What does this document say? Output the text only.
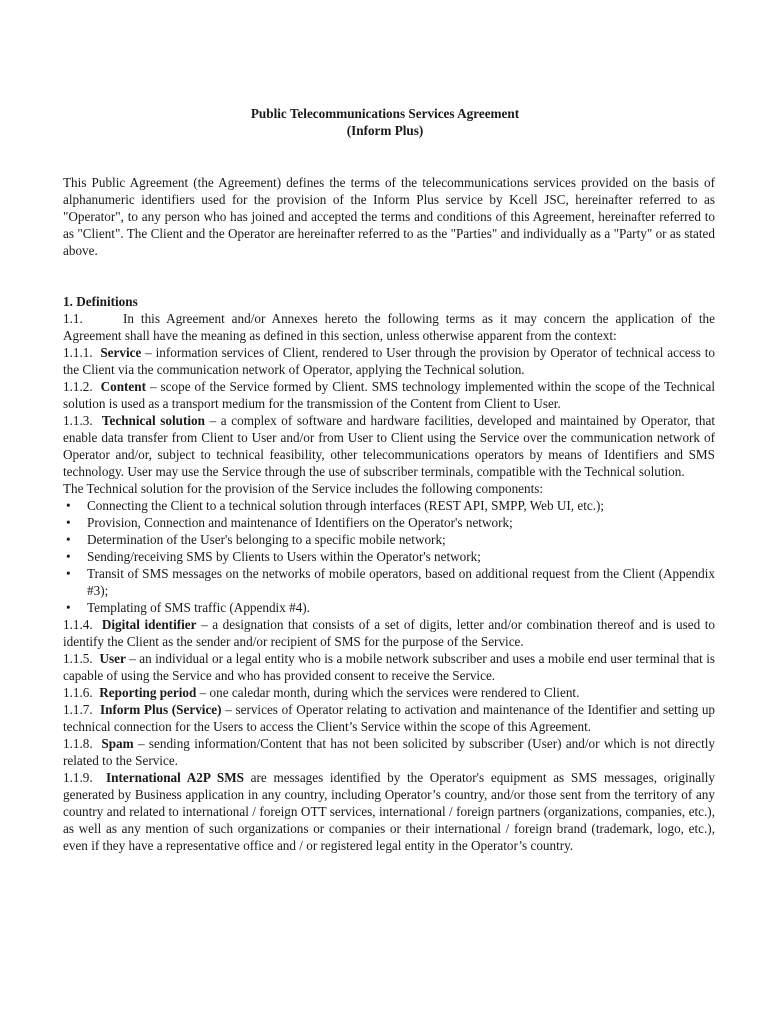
Public Telecommunications Services Agreement
(Inform Plus)

This Public Agreement (the Agreement) defines the terms of the telecommunications services provided on the basis of alphanumeric identifiers used for the provision of the Inform Plus service by Kcell JSC, hereinafter referred to as "Operator", to any person who has joined and accepted the terms and conditions of this Agreement, hereinafter referred to as "Client". The Client and the Operator are hereinafter referred to as the "Parties" and individually as a "Party" or as stated above.

1. Definitions

1.1.	In this Agreement and/or Annexes hereto the following terms as it may concern the application of the Agreement shall have the meaning as defined in this section, unless otherwise apparent from the context:

1.1.1. Service – information services of Client, rendered to User through the provision by Operator of technical access to the Client via the communication network of Operator, applying the Technical solution.

1.1.2. Content – scope of the Service formed by Client. SMS technology implemented within the scope of the Technical solution is used as a transport medium for the transmission of the Content from Client to User.

1.1.3. Technical solution – a complex of software and hardware facilities, developed and maintained by Operator, that enable data transfer from Client to User and/or from User to Client using the Service over the communication network of Operator and/or, subject to technical feasibility, other telecommunications operators by means of Identifiers and SMS technology. User may use the Service through the use of subscriber terminals, compatible with the Technical solution.

The Technical solution for the provision of the Service includes the following components:

• Connecting the Client to a technical solution through interfaces (REST API, SMPP, Web UI, etc.);
• Provision, Connection and maintenance of Identifiers on the Operator's network;
• Determination of the User's belonging to a specific mobile network;
• Sending/receiving SMS by Clients to Users within the Operator's network;
• Transit of SMS messages on the networks of mobile operators, based on additional request from the Client (Appendix #3);
• Templating of SMS traffic (Appendix #4).

1.1.4. Digital identifier – a designation that consists of a set of digits, letter and/or combination thereof and is used to identify the Client as the sender and/or recipient of SMS for the purpose of the Service.

1.1.5. User – an individual or a legal entity who is a mobile network subscriber and uses a mobile end user terminal that is capable of using the Service and who has provided consent to receive the Service.

1.1.6. Reporting period – one caledar month, during which the services were rendered to Client.

1.1.7. Inform Plus (Service) – services of Operator relating to activation and maintenance of the Identifier and setting up technical connection for the Users to access the Client’s Service within the scope of this Agreement.

1.1.8. Spam – sending information/Content that has not been solicited by subscriber (User) and/or which is not directly related to the Service.

1.1.9. International A2P SMS are messages identified by the Operator's equipment as SMS messages, originally generated by Business application in any country, including Operator’s country, and/or those sent from the territory of any country and related to international / foreign OTT services, international / foreign partners (organizations, companies, etc.), as well as any mention of such organizations or companies or their international / foreign brand (trademark, logo, etc.), even if they have a representative office and / or registered legal entity in the Operator’s country.
